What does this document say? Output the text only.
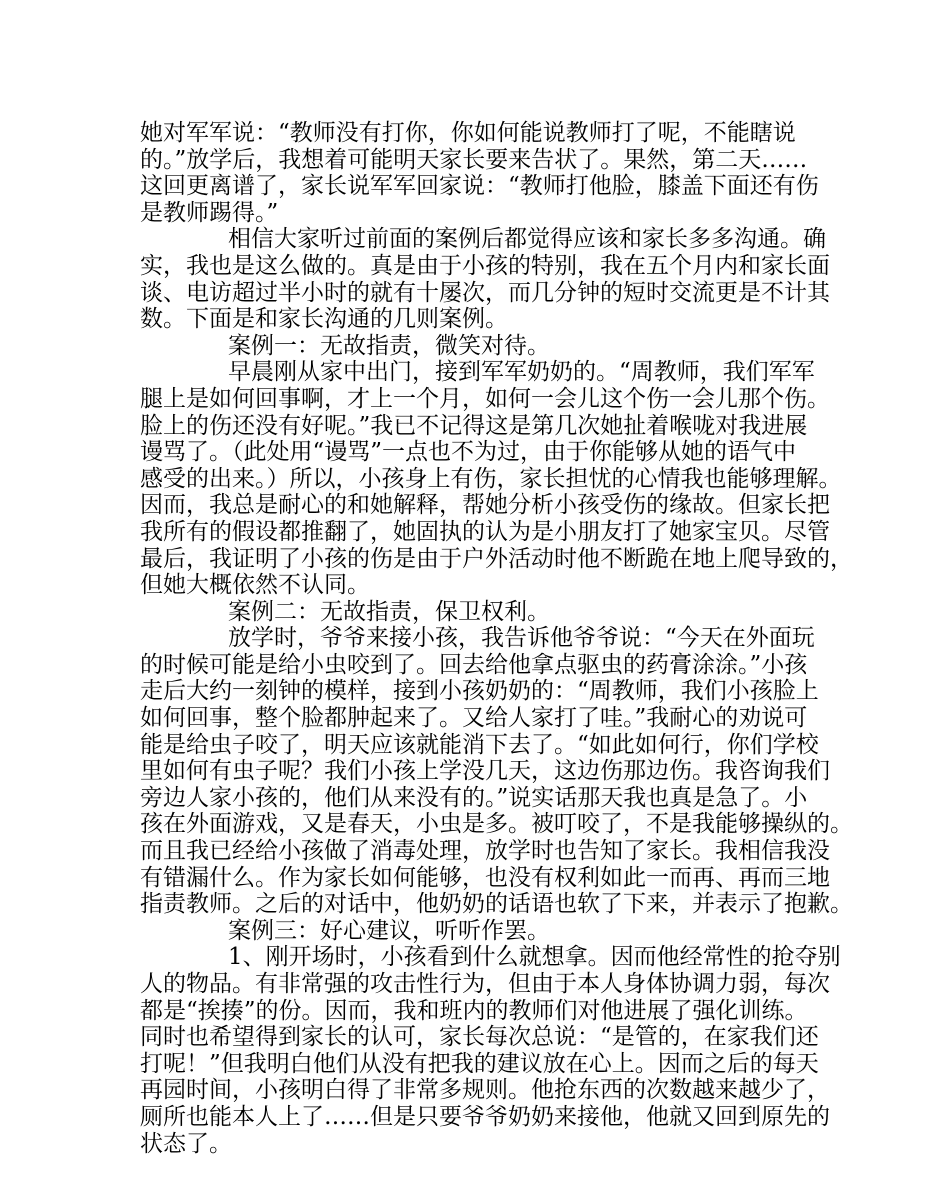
她对军军说：“教师没有打你，你如何能说教师打了呢，不能瞎说
的。”放学后，我想着可能明天家长要来告状了。果然，第二天……
这回更离谱了，家长说军军回家说：“教师打他脸，膝盖下面还有伤
是教师踢得。”
相信大家听过前面的案例后都觉得应该和家长多多沟通。确
实，我也是这么做的。真是由于小孩的特别，我在五个月内和家长面
谈、电访超过半小时的就有十屡次，而几分钟的短时交流更是不计其
数。下面是和家长沟通的几则案例。
案例一：无故指责，微笑对待。
早晨刚从家中出门，接到军军奶奶的。“周教师，我们军军
腿上是如何回事啊，才上一个月，如何一会儿这个伤一会儿那个伤。
脸上的伤还没有好呢。”我已不记得这是第几次她扯着喉咙对我进展
谩骂了。（此处用“谩骂”一点也不为过，由于你能够从她的语气中
感受的出来。）所以，小孩身上有伤，家长担忧的心情我也能够理解。
因而，我总是耐心的和她解释，帮她分析小孩受伤的缘故。但家长把
我所有的假设都推翻了，她固执的认为是小朋友打了她家宝贝。尽管
最后，我证明了小孩的伤是由于户外活动时他不断跪在地上爬导致的，
但她大概依然不认同。
案例二：无故指责，保卫权利。
放学时，爷爷来接小孩，我告诉他爷爷说：“今天在外面玩
的时候可能是给小虫咬到了。回去给他拿点驱虫的药膏涂涂。”小孩
走后大约一刻钟的模样，接到小孩奶奶的：“周教师，我们小孩脸上
如何回事，整个脸都肿起来了。又给人家打了哇。”我耐心的劝说可
能是给虫子咬了，明天应该就能消下去了。“如此如何行，你们学校
里如何有虫子呢？我们小孩上学没几天，这边伤那边伤。我咨询我们
旁边人家小孩的，他们从来没有的。”说实话那天我也真是急了。小
孩在外面游戏，又是春天，小虫是多。被叮咬了，不是我能够操纵的。
而且我已经给小孩做了消毒处理，放学时也告知了家长。我相信我没
有错漏什么。作为家长如何能够，也没有权利如此一而再、再而三地
指责教师。之后的对话中，他奶奶的话语也软了下来，并表示了抱歉。
案例三：好心建议，听听作罢。
1、刚开场时，小孩看到什么就想拿。因而他经常性的抢夺别
人的物品。有非常强的攻击性行为，但由于本人身体协调力弱，每次
都是“挨揍”的份。因而，我和班内的教师们对他进展了强化训练。
同时也希望得到家长的认可，家长每次总说：“是管的，在家我们还
打呢！”但我明白他们从没有把我的建议放在心上。因而之后的每天
再园时间，小孩明白得了非常多规则。他抢东西的次数越来越少了，
厕所也能本人上了……但是只要爷爷奶奶来接他，他就又回到原先的
状态了。
